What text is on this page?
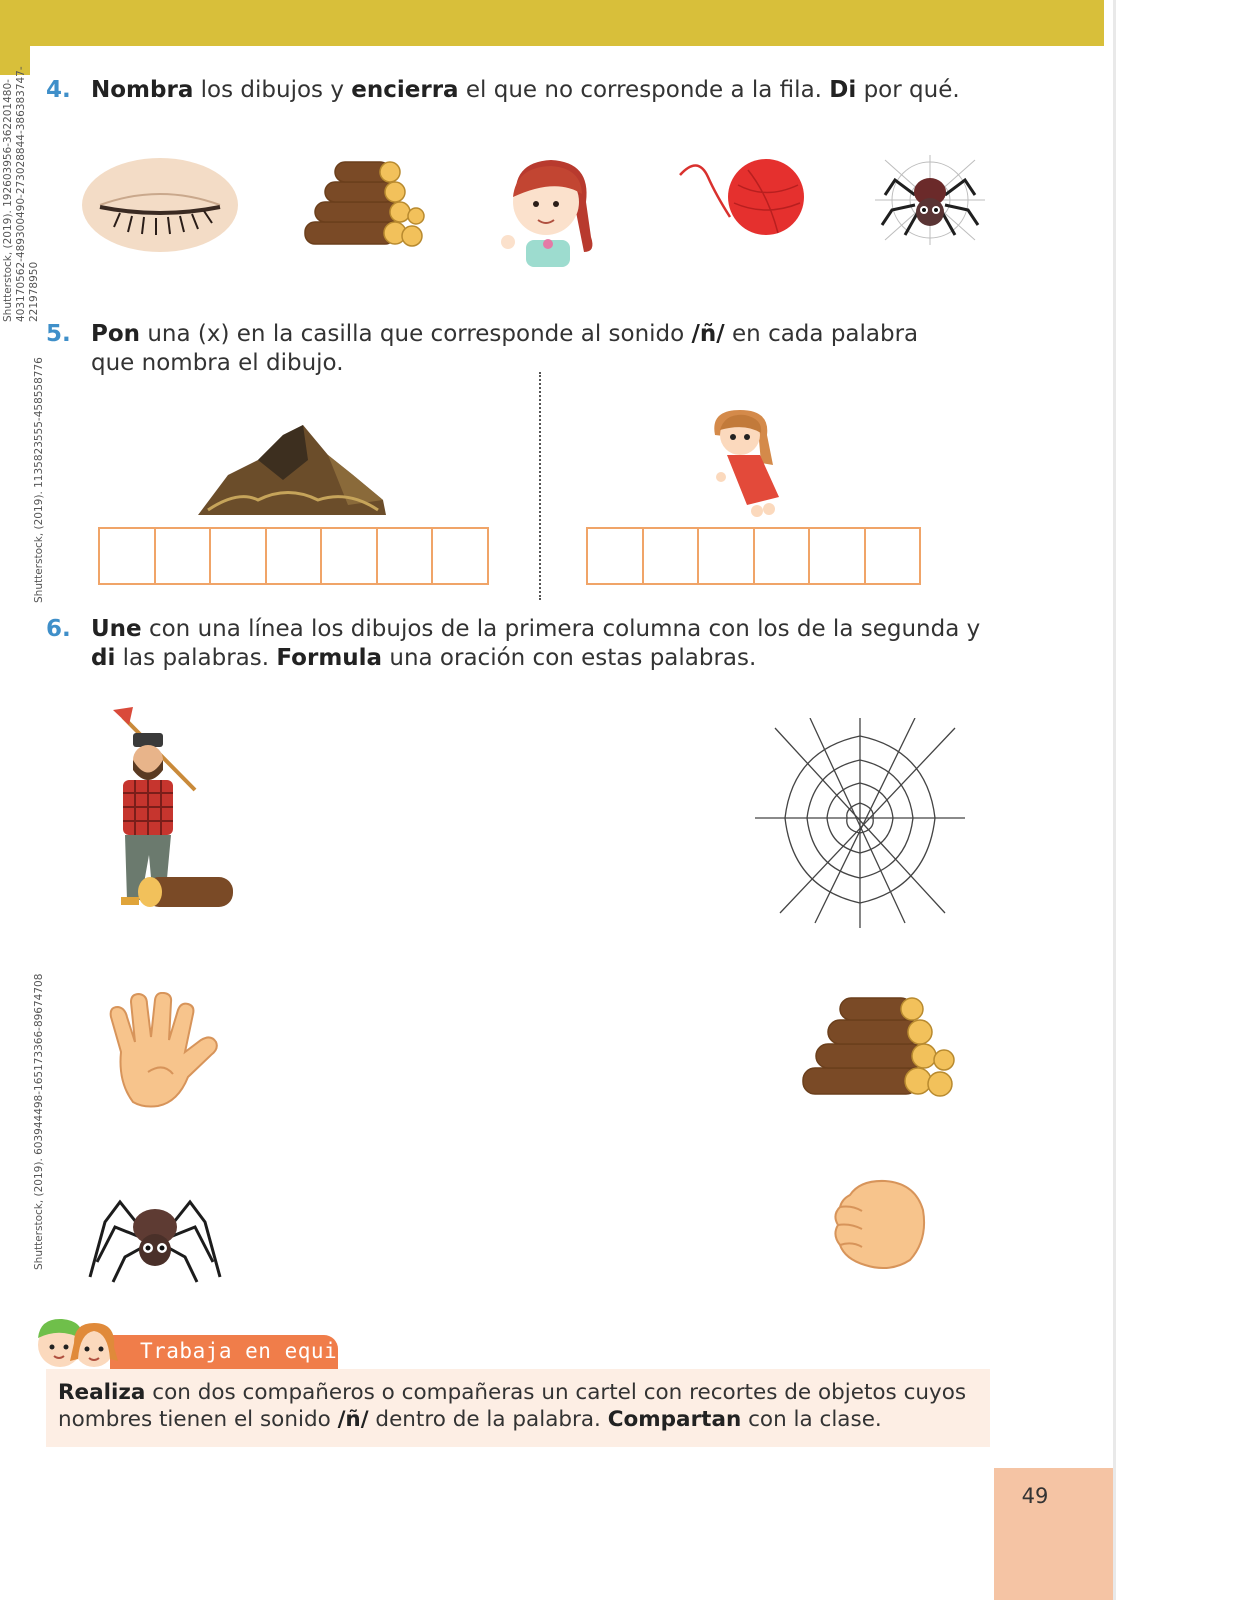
Shutterstock, (2019). 192603956-362201480-
403170562-489300490-273028844-386383747-
221978950
Shutterstock, (2019). 1135823555-458558776
Shutterstock, (2019). 603944498-165173366-89674708
4. Nombra los dibujos y encierra el que no corresponde a la fila. Di por qué.
5. Pon una (x) en la casilla que corresponde al sonido /ñ/ en cada palabra que nombra el dibujo.
6. Une con una línea los dibujos de la primera columna con los de la segunda y di las palabras. Formula una oración con estas palabras.
Trabaja en equipo
Realiza con dos compañeros o compañeras un cartel con recortes de objetos cuyos nombres tienen el sonido /ñ/ dentro de la palabra. Compartan con la clase.
49
